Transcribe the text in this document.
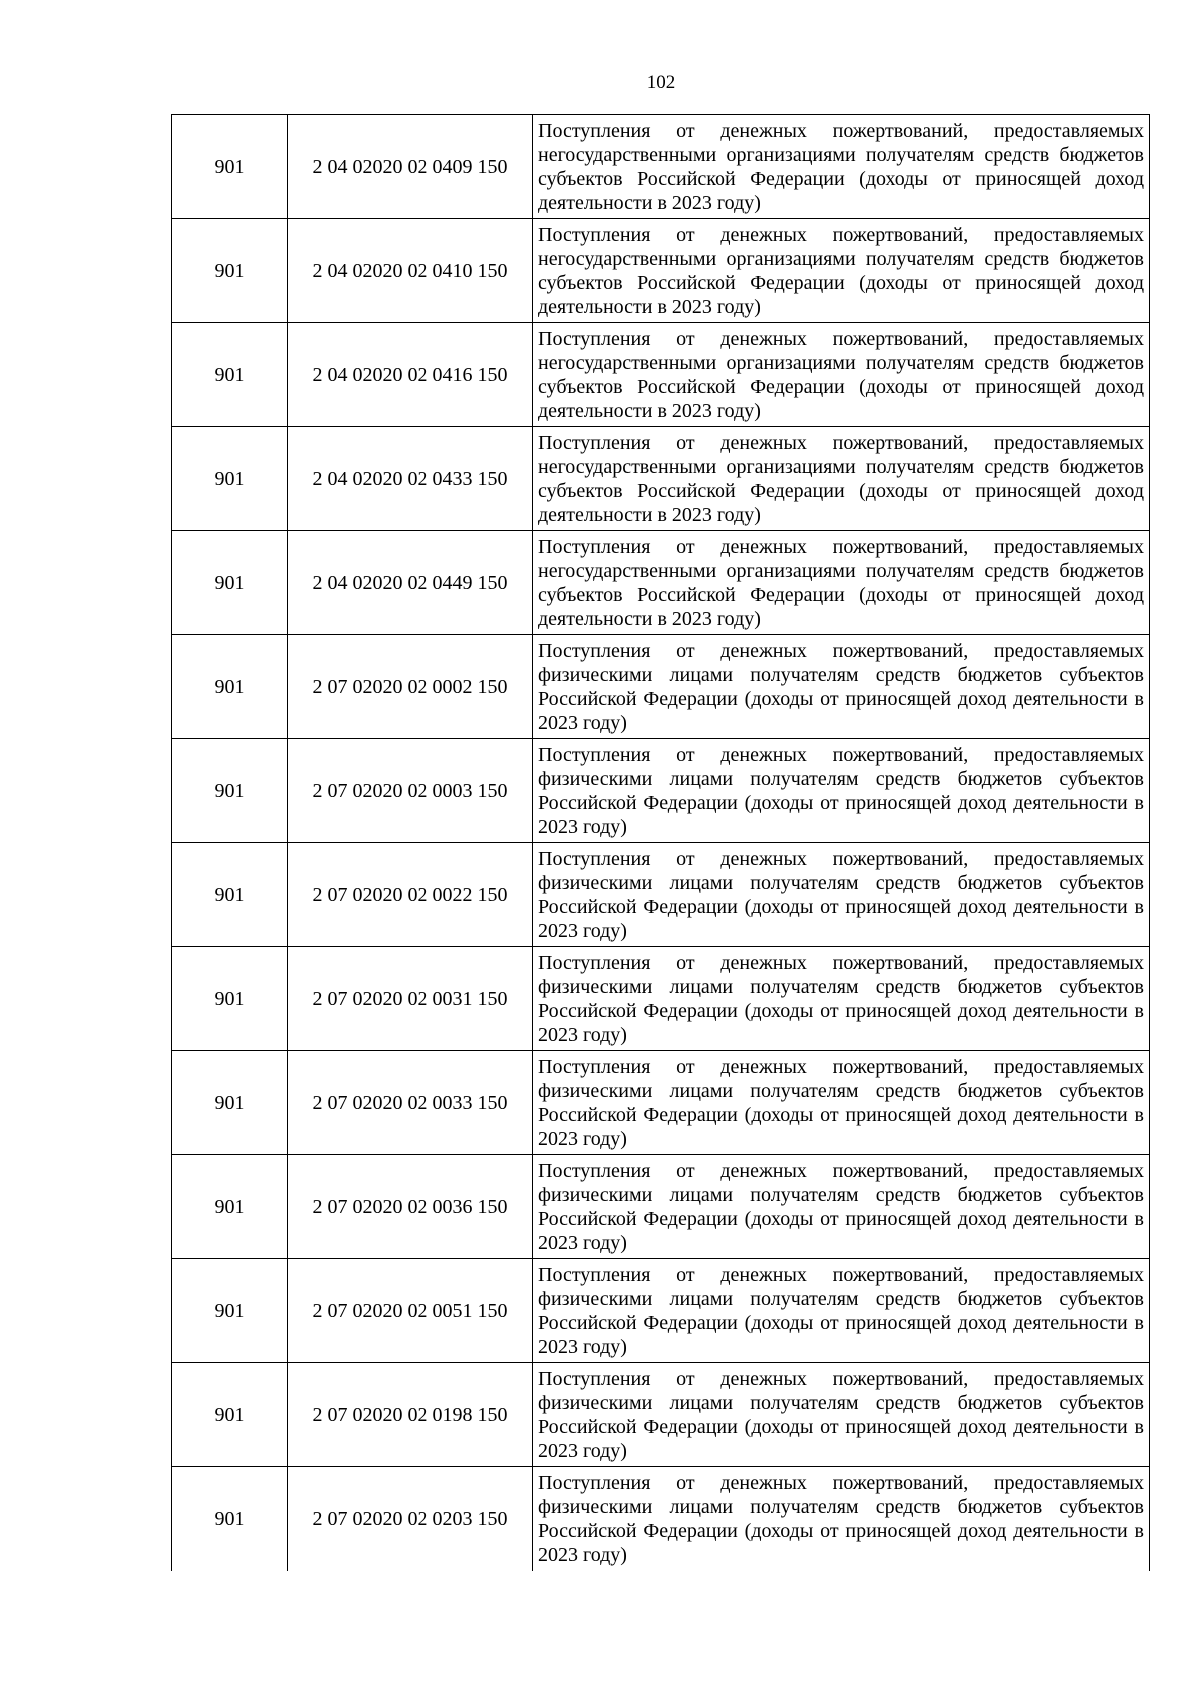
102
901	2 04 02020 02 0409 150	Поступления от денежных пожертвований, предоставляемых негосударственными организациями получателям средств бюджетов субъектов Российской Федерации (доходы от приносящей доход деятельности в 2023 году)
901	2 04 02020 02 0410 150	Поступления от денежных пожертвований, предоставляемых негосударственными организациями получателям средств бюджетов субъектов Российской Федерации (доходы от приносящей доход деятельности в 2023 году)
901	2 04 02020 02 0416 150	Поступления от денежных пожертвований, предоставляемых негосударственными организациями получателям средств бюджетов субъектов Российской Федерации (доходы от приносящей доход деятельности в 2023 году)
901	2 04 02020 02 0433 150	Поступления от денежных пожертвований, предоставляемых негосударственными организациями получателям средств бюджетов субъектов Российской Федерации (доходы от приносящей доход деятельности в 2023 году)
901	2 04 02020 02 0449 150	Поступления от денежных пожертвований, предоставляемых негосударственными организациями получателям средств бюджетов субъектов Российской Федерации (доходы от приносящей доход деятельности в 2023 году)
901	2 07 02020 02 0002 150	Поступления от денежных пожертвований, предоставляемых физическими лицами получателям средств бюджетов субъектов Российской Федерации (доходы от приносящей доход деятельности в 2023 году)
901	2 07 02020 02 0003 150	Поступления от денежных пожертвований, предоставляемых физическими лицами получателям средств бюджетов субъектов Российской Федерации (доходы от приносящей доход деятельности в 2023 году)
901	2 07 02020 02 0022 150	Поступления от денежных пожертвований, предоставляемых физическими лицами получателям средств бюджетов субъектов Российской Федерации (доходы от приносящей доход деятельности в 2023 году)
901	2 07 02020 02 0031 150	Поступления от денежных пожертвований, предоставляемых физическими лицами получателям средств бюджетов субъектов Российской Федерации (доходы от приносящей доход деятельности в 2023 году)
901	2 07 02020 02 0033 150	Поступления от денежных пожертвований, предоставляемых физическими лицами получателям средств бюджетов субъектов Российской Федерации (доходы от приносящей доход деятельности в 2023 году)
901	2 07 02020 02 0036 150	Поступления от денежных пожертвований, предоставляемых физическими лицами получателям средств бюджетов субъектов Российской Федерации (доходы от приносящей доход деятельности в 2023 году)
901	2 07 02020 02 0051 150	Поступления от денежных пожертвований, предоставляемых физическими лицами получателям средств бюджетов субъектов Российской Федерации (доходы от приносящей доход деятельности в 2023 году)
901	2 07 02020 02 0198 150	Поступления от денежных пожертвований, предоставляемых физическими лицами получателям средств бюджетов субъектов Российской Федерации (доходы от приносящей доход деятельности в 2023 году)
901	2 07 02020 02 0203 150	Поступления от денежных пожертвований, предоставляемых физическими лицами получателям средств бюджетов субъектов Российской Федерации (доходы от приносящей доход деятельности в 2023 году)
